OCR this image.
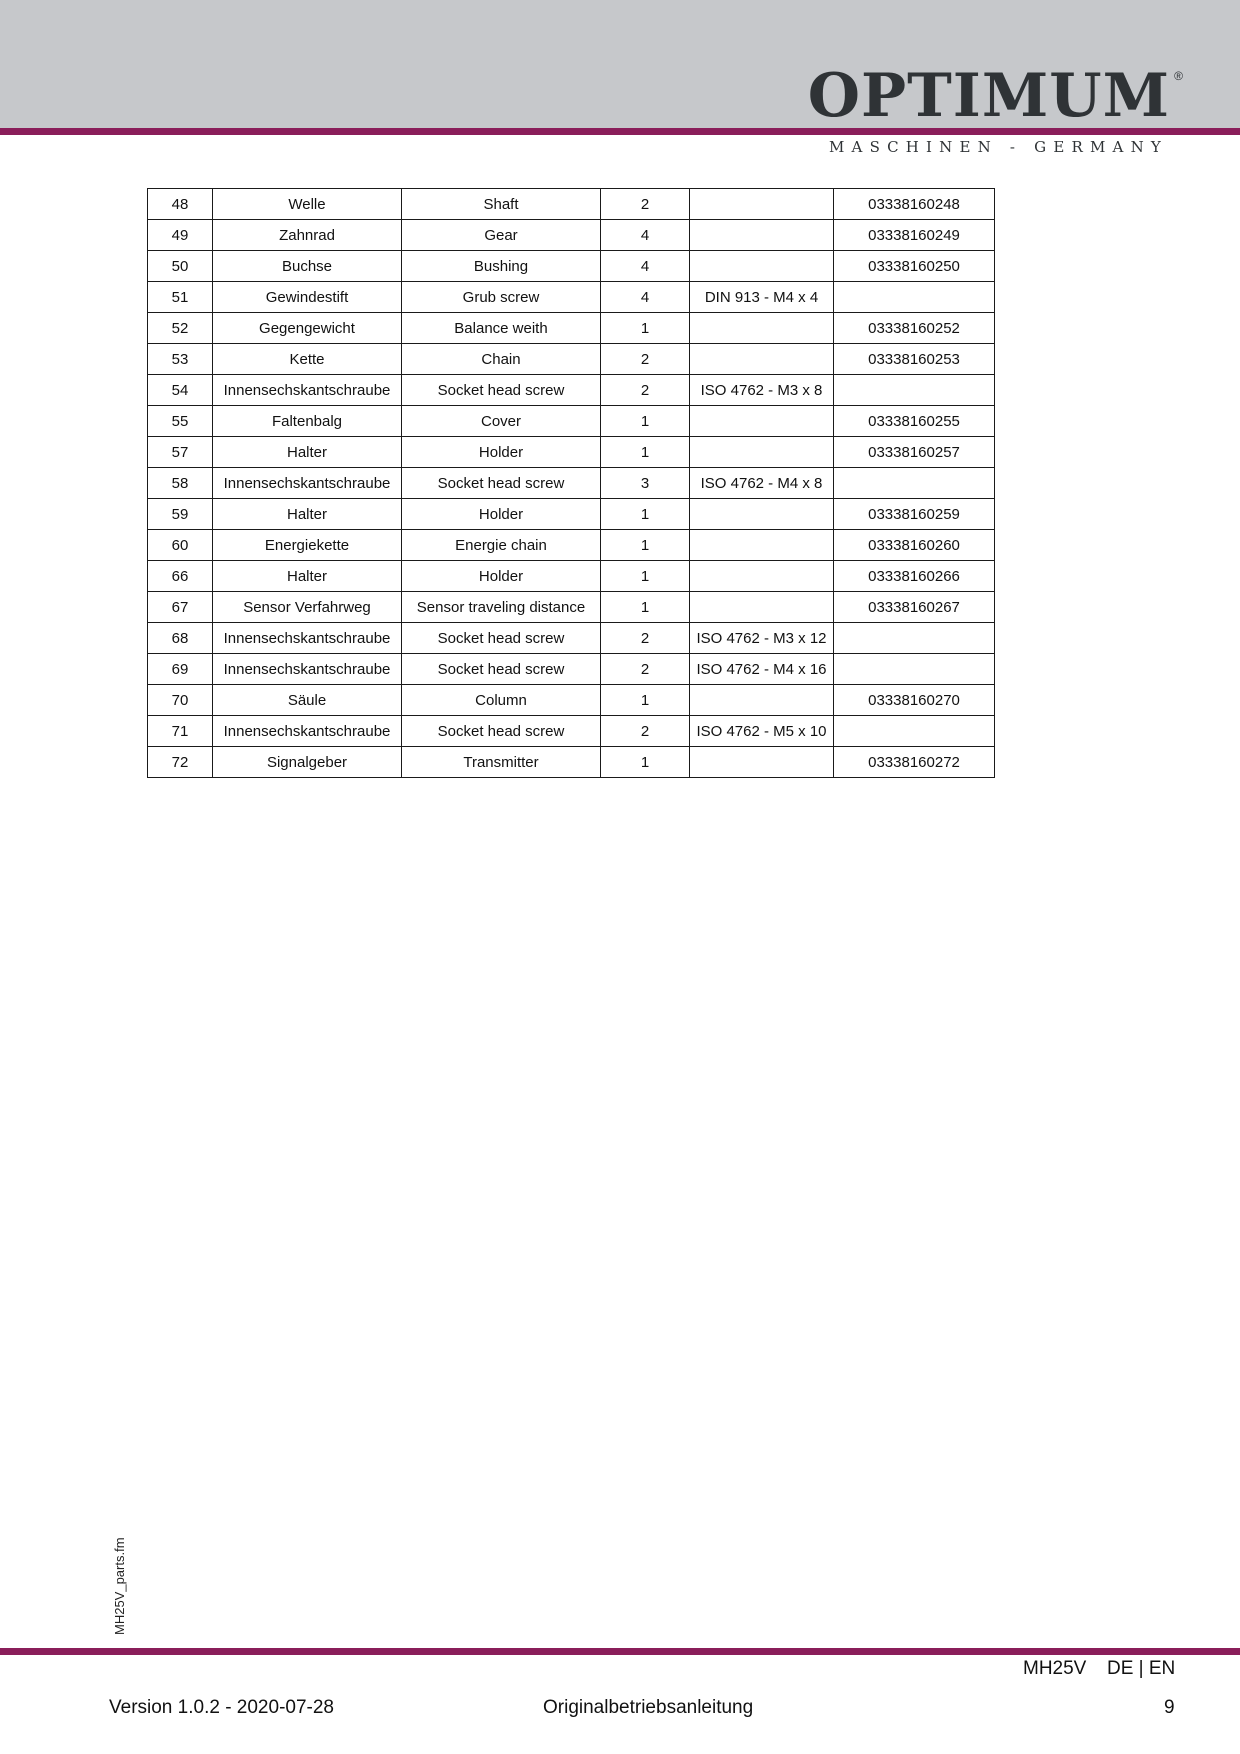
OPTIMUM ®
MASCHINEN - GERMANY
48	Welle	Shaft	2		03338160248
49	Zahnrad	Gear	4		03338160249
50	Buchse	Bushing	4		03338160250
51	Gewindestift	Grub screw	4	DIN 913 - M4 x 4	
52	Gegengewicht	Balance weith	1		03338160252
53	Kette	Chain	2		03338160253
54	Innensechskantschraube	Socket head screw	2	ISO 4762 - M3 x 8	
55	Faltenbalg	Cover	1		03338160255
57	Halter	Holder	1		03338160257
58	Innensechskantschraube	Socket head screw	3	ISO 4762 - M4 x 8	
59	Halter	Holder	1		03338160259
60	Energiekette	Energie chain	1		03338160260
66	Halter	Holder	1		03338160266
67	Sensor Verfahrweg	Sensor traveling distance	1		03338160267
68	Innensechskantschraube	Socket head screw	2	ISO 4762 - M3 x 12	
69	Innensechskantschraube	Socket head screw	2	ISO 4762 - M4 x 16	
70	Säule	Column	1		03338160270
71	Innensechskantschraube	Socket head screw	2	ISO 4762 - M5 x 10	
72	Signalgeber	Transmitter	1		03338160272
MH25V_parts.fm
MH25V DE | EN
Version 1.0.2 - 2020-07-28	Originalbetriebsanleitung	9
